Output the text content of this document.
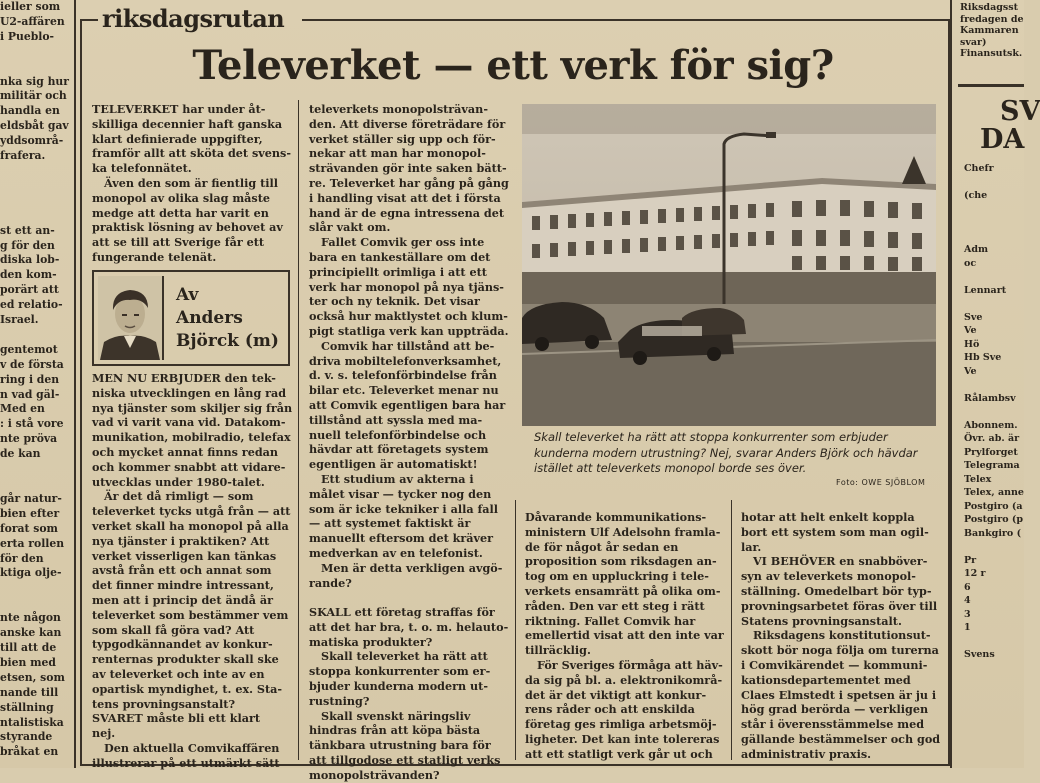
ieller som

U2-affären

i Pueblo-

nka sig hur

militär och

handla en

eldsbåt gav

yddsområ-

frafera.

st ett an-

g för den

diska lob-

den kom-

porärt att

ed relatio-

Israel.

gentemot

v de första

ring i den

n vad gäl-

Med en

: i stå vore

nte pröva

de kan

går natur-

bien efter

forat som

erta rollen

för den

ktiga olje-

nte någon

anske kan

till att de

bien med

etsen, som

nande till

ställning

ntalistiska

styrande

bråkat en

Riksdagsst
fredagen de
Kammaren
svar)
Finansutsk.
SV
DA
Chefr

(che

Adm
oc

Lennart

Sve
Ve
Hö
Hb Sve
Ve

Rålambsv

Abonnem.
Övr. ab. är
Prylforget
Telegrama
Telex
Telex, anne
Postgiro (a
Postgiro (p
Bankgiro (

Pr
12 r
6
4
3
1

Svens
riksdagsrutan
Televerket — ett verk för sig?

TELEVERKET har under åt-

skilliga decennier haft ganska

klart definierade uppgifter,

framför allt att sköta det svens-

ka telefonnätet.

Även den som är fientlig till

monopol av olika slag måste

medge att detta har varit en

praktisk lösning av behovet av

att se till att Sverige får ett

fungerande telenät.

Av
Anders
Björck (m)

MEN NU ERBJUDER den tek-

niska utvecklingen en lång rad

nya tjänster som skiljer sig från

vad vi varit vana vid. Datakom-

munikation, mobilradio, telefax

och mycket annat finns redan

och kommer snabbt att vidare-

utvecklas under 1980-talet.

Är det då rimligt — som

televerket tycks utgå från — att

verket skall ha monopol på alla

nya tjänster i praktiken? Att

verket visserligen kan tänkas

avstå från ett och annat som

det finner mindre intressant,

men att i princip det ändå är

televerket som bestämmer vem

som skall få göra vad? Att

typgodkännandet av konkur-

renternas produkter skall ske

av televerket och inte av en

opartisk myndighet, t. ex. Sta-

tens provningsanstalt?

SVARET måste bli ett klart

nej.

Den aktuella Comvikaffären

illustrerar på ett utmärkt sätt

televerkets monopolsträvan-

den. Att diverse företrädare för

verket ställer sig upp och för-

nekar att man har monopol-

strävanden gör inte saken bätt-

re. Televerket har gång på gång

i handling visat att det i första

hand är de egna intressena det

slår vakt om.

Fallet Comvik ger oss inte

bara en tankeställare om det

principiellt orimliga i att ett

verk har monopol på nya tjäns-

ter och ny teknik. Det visar

också hur maktlystet och klum-

pigt statliga verk kan uppträda.

Comvik har tillstånd att be-

driva mobiltelefonverksamhet,

d. v. s. telefonförbindelse från

bilar etc. Televerket menar nu

att Comvik egentligen bara har

tillstånd att syssla med ma-

nuell telefonförbindelse och

hävdar att företagets system

egentligen är automatiskt!

Ett studium av akterna i

målet visar — tycker nog den

som är icke tekniker i alla fall

— att systemet faktiskt är

manuellt eftersom det kräver

medverkan av en telefonist.

Men är detta verkligen avgö-

rande?

SKALL ett företag straffas för

att det har bra, t. o. m. helauto-

matiska produkter?

Skall televerket ha rätt att

stoppa konkurrenter som er-

bjuder kunderna modern ut-

rustning?

Skall svenskt näringsliv

hindras från att köpa bästa

tänkbara utrustning bara för

att tillgodose ett statligt verks

monopolsträvanden?

Skall televerket ha rätt att stoppa konkurrenter som erbjuder kunderna modern utrustning? Nej, svarar Anders Björk och hävdar istället att televerkets monopol borde ses över.
Foto: OWE SJÖBLOM

Dåvarande kommunikations-

ministern Ulf Adelsohn framla-

de för något år sedan en

proposition som riksdagen an-

tog om en uppluckring i tele-

verkets ensamrätt på olika om-

råden. Den var ett steg i rätt

riktning. Fallet Comvik har

emellertid visat att den inte var

tillräcklig.

För Sveriges förmåga att häv-

da sig på bl. a. elektronikområ-

det är det viktigt att konkur-

rens råder och att enskilda

företag ges rimliga arbetsmöj-

ligheter. Det kan inte tolereras

att ett statligt verk går ut och

hotar att helt enkelt koppla

bort ett system som man ogil-

lar.

VI BEHÖVER en snabböver-

syn av televerkets monopol-

ställning. Omedelbart bör typ-

provningsarbetet föras över till

Statens provningsanstalt.

Riksdagens konstitutionsut-

skott bör noga följa om turerna

i Comvikärendet — kommuni-

kationsdepartementet med

Claes Elmstedt i spetsen är ju i

hög grad berörda — verkligen

står i överensstämmelse med

gällande bestämmelser och god

administrativ praxis.
